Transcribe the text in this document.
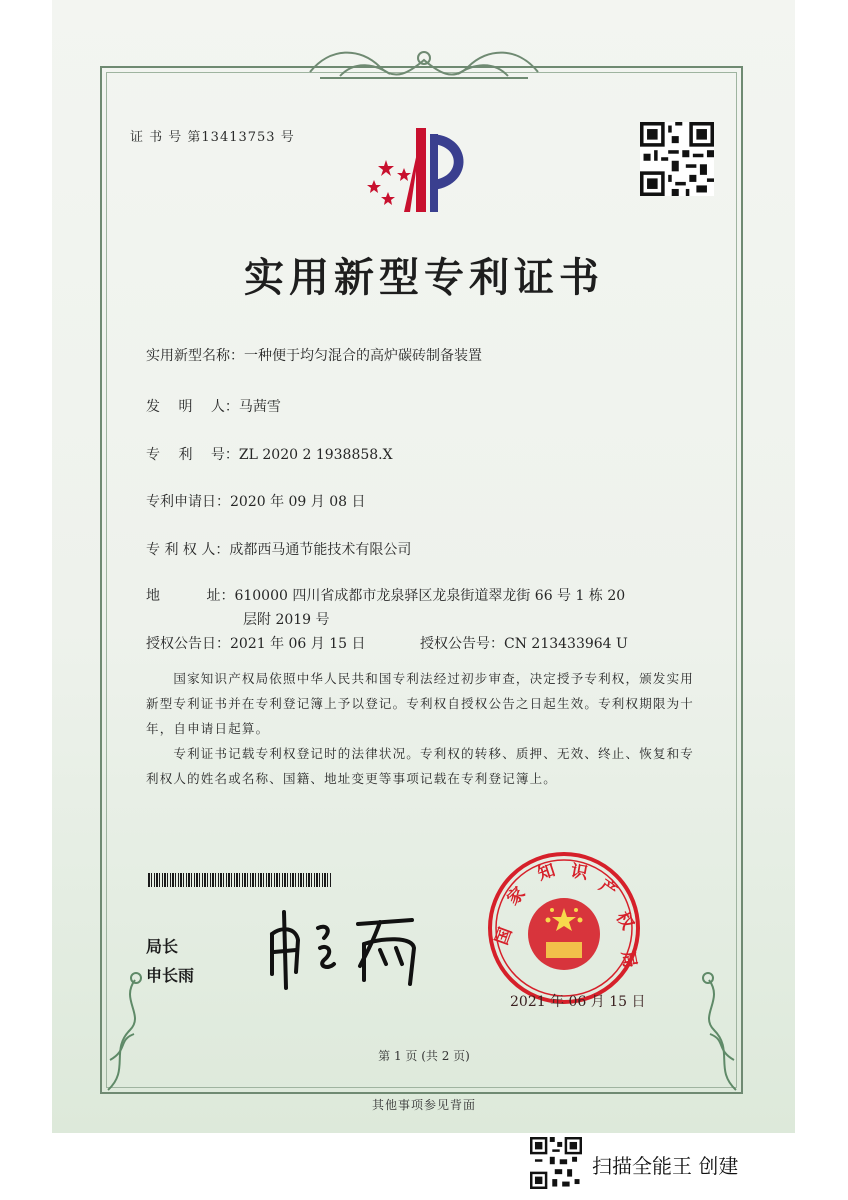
证 书 号 第13413753 号
实用新型专利证书
实用新型名称：一种便于均匀混合的高炉碳砖制备装置
发　 明　 人：马茜雪
专　 利　 号：ZL 2020 2 1938858.X
专利申请日：2020 年 09 月 08 日
专 利 权 人：成都西马通节能技术有限公司
地　　　 址：610000 四川省成都市龙泉驿区龙泉街道翠龙街 66 号 1 栋 20
层附 2019 号
授权公告日：2021 年 06 月 15 日	授权公告号：CN 213433964 U
　　国家知识产权局依照中华人民共和国专利法经过初步审查，决定授予专利权，颁发实用新型专利证书并在专利登记簿上予以登记。专利权自授权公告之日起生效。专利权期限为十年，自申请日起算。
　　专利证书记载专利权登记时的法律状况。专利权的转移、质押、无效、终止、恢复和专利权人的姓名或名称、国籍、地址变更等事项记载在专利登记簿上。
局长
申长雨
国
家
知 识
产
权
局
2021 年 06 月 15 日
第 1 页 (共 2 页)
其他事项参见背面
扫描全能王 创建
